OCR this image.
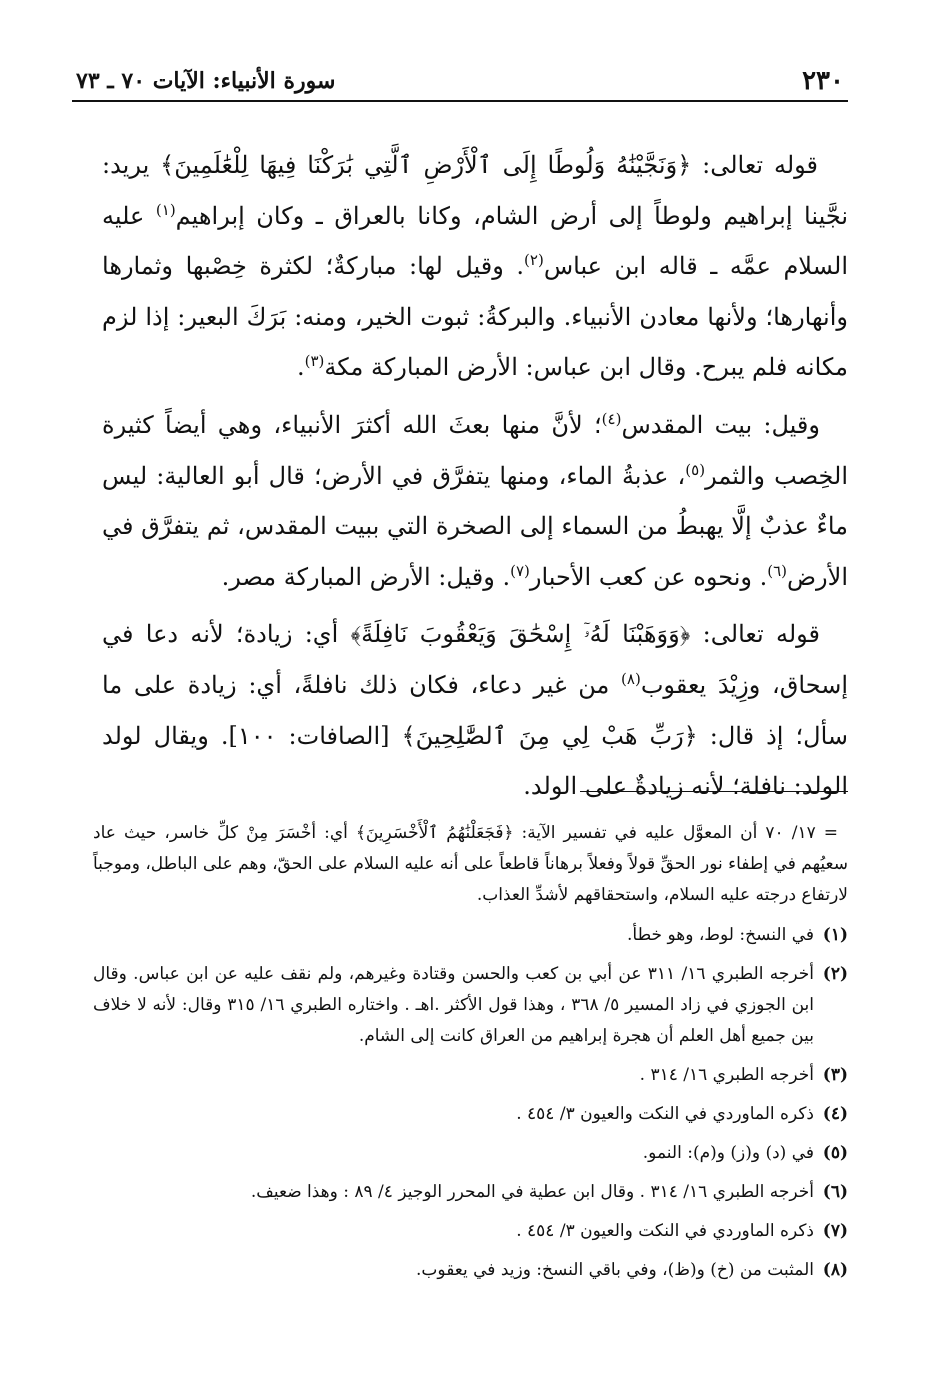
٢٣٠
سورة الأنبياء: الآيات ٧٠ ـ ٧٣

قوله تعالى: ﴿وَنَجَّيْنَٰهُ وَلُوطًا إِلَى ٱلْأَرْضِ ٱلَّتِي بَٰرَكْنَا فِيهَا لِلْعَٰلَمِينَ﴾ يريد: نجَّينا إبراهيم ولوطاً إلى أرض الشام، وكانا بالعراق ـ وكان إبراهيم$^{(١)}$ عليه السلام عمَّه ـ قاله ابن عباس$^{(٢)}$. وقيل لها: مباركةٌ؛ لكثرة خِصْبها وثمارها وأنهارها؛ ولأنها معادن الأنبياء. والبركةُ: ثبوت الخير، ومنه: بَرَكَ البعير: إذا لزم مكانه فلم يبرح. وقال ابن عباس: الأرض المباركة مكة$^{(٣)}$.

وقيل: بيت المقدس$^{(٤)}$؛ لأنَّ منها بعثَ الله أكثرَ الأنبياء، وهي أيضاً كثيرة الخِصب والثمر$^{(٥)}$، عذبةُ الماء، ومنها يتفرَّق في الأرض؛ قال أبو العالية: ليس ماءٌ عذبٌ إلَّا يهبطُ من السماء إلى الصخرة التي ببيت المقدس، ثم يتفرَّق في الأرض$^{(٦)}$. ونحوه عن كعب الأحبار$^{(٧)}$. وقيل: الأرض المباركة مصر.

قوله تعالى: ﴿وَوَهَبْنَا لَهُۥٓ إِسْحَٰقَ وَيَعْقُوبَ نَافِلَةً﴾ أي: زيادة؛ لأنه دعا في إسحاق، وزِيْدَ يعقوب$^{(٨)}$ من غير دعاء، فكان ذلك نافلةً، أي: زيادة على ما سأل؛ إذ قال: ﴿رَبِّ هَبْ لِي مِنَ ٱلصَّٰلِحِينَ﴾ [الصافات: ١٠٠]. ويقال لولد الولد: نافلة؛ لأنه زيادةٌ على الولد.

= ١٧/ ٧٠ أن المعوَّل عليه في تفسير الآية: ﴿فَجَعَلْنَٰهُمُ ٱلْأَخْسَرِينَ﴾ أي: أخْسَرَ مِنْ كلِّ خاسر، حيث عاد سعيُهم في إطفاء نور الحقِّ قولاً وفعلاً برهاناً قاطعاً على أنه عليه السلام على الحقّ، وهم على الباطل، وموجباً لارتفاع درجته عليه السلام، واستحقاقهم لأشدِّ العذاب.

(١)
في النسخ: لوط، وهو خطأ.
(٢)
أخرجه الطبري ١٦/ ٣١١ عن أبي بن كعب والحسن وقتادة وغيرهم، ولم نقف عليه عن ابن عباس. وقال ابن الجوزي في زاد المسير ٥/ ٣٦٨ ، وهذا قول الأكثر .اهـ . واختاره الطبري ١٦/ ٣١٥ وقال: لأنه لا خلاف بين جميع أهل العلم أن هجرة إبراهيم من العراق كانت إلى الشام.
(٣)
أخرجه الطبري ١٦/ ٣١٤ .
(٤)
ذكره الماوردي في النكت والعيون ٣/ ٤٥٤ .
(٥)
في (د) و(ز) و(م): النمو.
(٦)
أخرجه الطبري ١٦/ ٣١٤ . وقال ابن عطية في المحرر الوجيز ٤/ ٨٩ : وهذا ضعيف.
(٧)
ذكره الماوردي في النكت والعيون ٣/ ٤٥٤ .
(٨)
المثبت من (خ) و(ظ)، وفي باقي النسخ: وزيد في يعقوب.
